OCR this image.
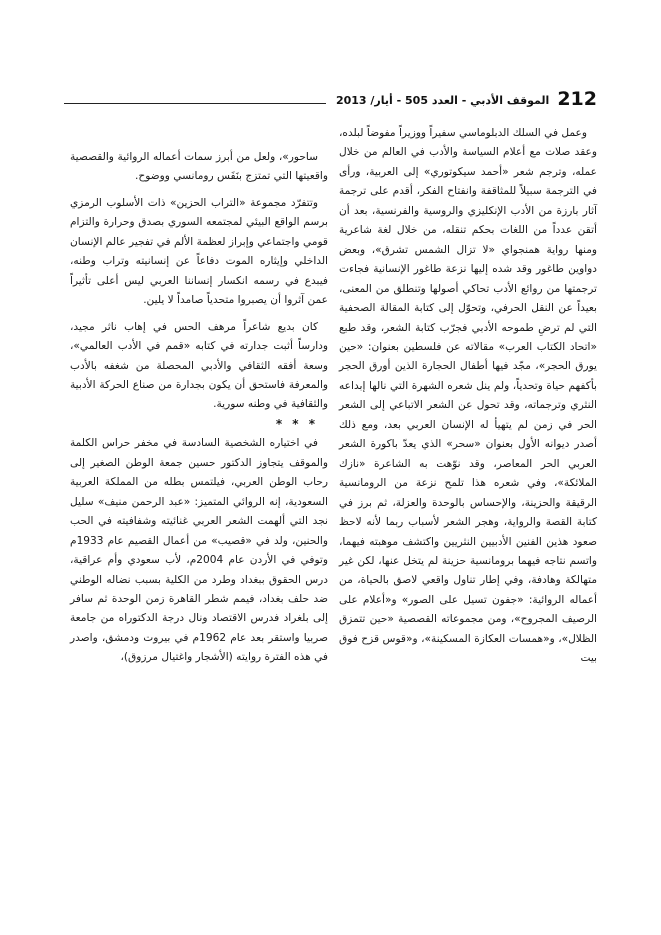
212
الموقف الأدبي - العدد 505 - أيار/ 2013

وعمل في السلك الدبلوماسي سفيراً ووزيراً مفوضاً لبلده، وعقد صلات مع أعلام السياسة والأدب في العالم من خلال عمله، وترجم شعر «أحمد سيكوتوري» إلى العربية، ورأى في الترجمة سبيلاً للمثاقفة وانفتاح الفكر، أقدم على ترجمة آثار بارزة من الأدب الإنكليزي والروسية والفرنسية، بعد أن أتقن عدداً من اللغات بحكم تنقله، من خلال لغة شاعرية ومنها رواية همنجواي «لا تزال الشمس تشرق»، وبعض دواوين طاغور وقد شده إليها نزعة طاغور الإنسانية فجاءت ترجمتها من روائع الأدب تحاكي أصولها وتنطلق من المعنى، بعيداً عن النقل الحرفي، وتحوّل إلى كتابة المقالة الصحفية التي لم ترضِ طموحه الأدبي فجرّب كتابة الشعر، وقد طبع «اتحاد الكتاب العرب» مقالاته عن فلسطين بعنوان: «حين يورق الحجر»، مجّد فيها أطفال الحجارة الذين أورق الحجر بأكفهم حياة وتحدياً، ولم ينل شعره الشهرة التي نالها إبداعه النثري وترجماته، وقد تحول عن الشعر الاتباعي إلى الشعر الحر في زمن لم يتهيأ له الإنسان العربي بعد، ومع ذلك أصدر ديوانه الأول بعنوان «سحر» الذي يعدّ باكورة الشعر العربي الحر المعاصر، وقد نوّهت به الشاعرة «نازك الملائكة»، وفي شعره هذا تلمح نزعة من الرومانسية الرقيقة والحزينة، والإحساس بالوحدة والعزلة، ثم برز في كتابة القصة والرواية، وهجر الشعر لأسباب ربما لأنه لاحظ صعود هذين الفنين الأدبيين النثريين واكتشف موهبته فيهما، واتسم نتاجه فيهما برومانسية حزينة لم يتخل عنها، لكن غير متهالكة وهادفة، وفي إطار تناول واقعي لاصق بالحياة، من أعماله الروائية: «جفون تسيل على الصور» و«أعلام على الرصيف المجروح»، ومن مجموعاته القصصية «حين تتمزق الظلال»، و«همسات العكازة المسكينة»، و«قوس قزح فوق بيت

ساحور»، ولعل من أبرز سمات أعماله الروائية والقصصية واقعيتها التي تمتزج بنَفَس رومانسي ووضوح.

وتتفرّد مجموعة «التراب الحزين» ذات الأسلوب الرمزي برسم الواقع البيئي لمجتمعه السوري بصدق وحرارة والتزام قومي واجتماعي وإبراز لعظمة الألم في تفجير عالم الإنسان الداخلي وإيثاره الموت دفاعاً عن إنسانيته وتراب وطنه، فيبدع في رسمه انكسار إنساننا العربي ليس أعلى تأثيراً عمن آثروا أن يصبروا متحدياً صامداً لا يلين.

كان بديع شاعراً مرهف الحس في إهاب ناثر مجيد، ودارساً أثبت جدارته في كتابه «قمم في الأدب العالمي»، وسعة أفقه الثقافي والأدبي المحصلة من شغفه بالأدب والمعرفة فاستحق أن يكون بجدارة من صناع الحركة الأدبية والثقافية في وطنه سورية.

* * *

في اختياره الشخصية السادسة في مخفر حراس الكلمة والموقف يتجاوز الدكتور حسين جمعة الوطن الصغير إلى رحاب الوطن العربي، فيلتمس بطله من المملكة العربية السعودية، إنه الروائي المتميز: «عبد الرحمن منيف» سليل نجد التي ألهمت الشعر العربي غنائيته وشفافيته في الحب والحنين، ولد في «قصيب» من أعمال القصيم عام 1933م وتوفي في الأردن عام 2004م، لأب سعودي وأم عراقية، درس الحقوق ببغداد وطرد من الكلية بسبب نضاله الوطني ضد حلف بغداد، فيمم شطر القاهرة زمن الوحدة ثم سافر إلى بلغراد فدرس الاقتصاد ونال درجة الدكتوراه من جامعة صربيا واستقر بعد عام 1962م في بيروت ودمشق، واصدر في هذه الفترة روايته (الأشجار واغتيال مرزوق)،
